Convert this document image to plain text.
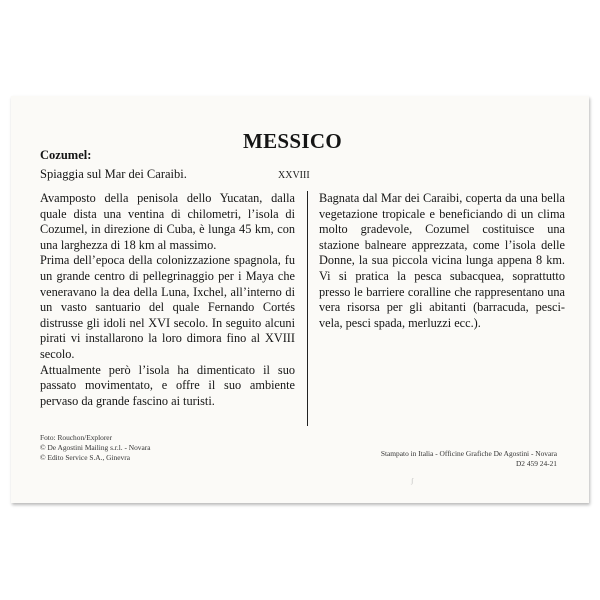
MESSICO
XXVIII
Cozumel:
Spiaggia sul Mar dei Caraibi.

Avamposto della penisola dello Yucatan, dalla quale dista una ventina di chilometri, l’isola di Cozumel, in direzione di Cuba, è lunga 45 km, con una larghezza di 18 km al massimo.

Prima dell’epoca della colonizzazione spagnola, fu un grande centro di pellegrinaggio per i Maya che veneravano la dea della Luna, Ixchel, all’interno di un vasto santuario del quale Fernando Cortés distrusse gli idoli nel XVI secolo. In seguito alcuni pirati vi installarono la loro dimora fino al XVIII secolo.

Attualmente però l’isola ha dimenticato il suo passato movimentato, e offre il suo ambiente pervaso da grande fascino ai turisti.

Bagnata dal Mar dei Caraibi, coperta da una bella vegetazione tropicale e beneficiando di un clima molto gradevole, Cozumel costituisce una stazione balneare apprezzata, come l’isola delle Donne, la sua piccola vicina lunga appena 8 km. Vi si pratica la pesca subacquea, soprattutto presso le barriere coralline che rappresentano una vera risorsa per gli abitanti (barracuda, pesci-vela, pesci spada, merluzzi ecc.).

Foto: Rouchon/Explorer
© De Agostini Mailing s.r.l. - Novara
© Edito Service S.A., Ginevra	Stampato in Italia - Officine Grafiche De Agostini - Novara
D2 459 24-21
ʃ
